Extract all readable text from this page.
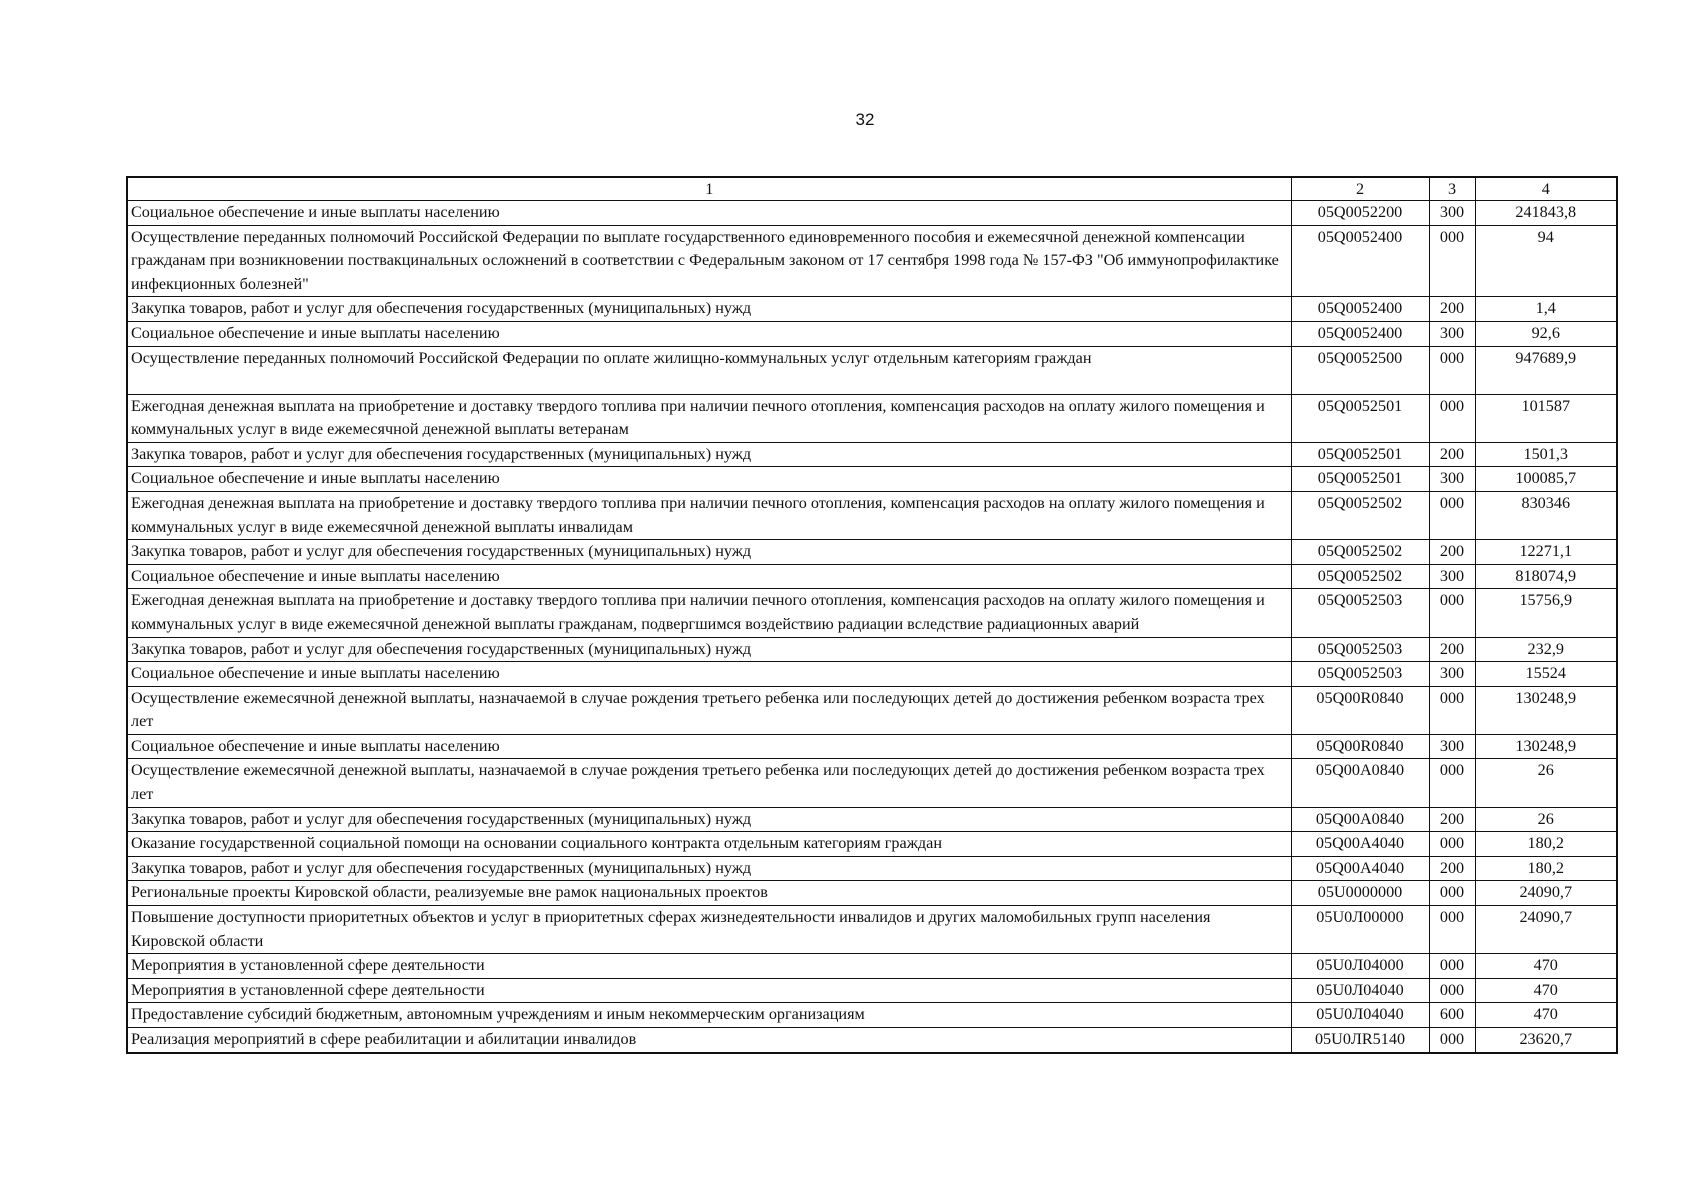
32
1	2	3	4
Социальное обеспечение и иные выплаты населению	05Q0052200	300	241843,8
Осуществление переданных полномочий Российской Федерации по выплате государственного единовременного пособия и ежемесячной денежной компенсации гражданам при возникновении поствакцинальных осложнений в соответствии с Федеральным законом от 17 сентября 1998 года № 157-ФЗ "Об иммунопрофилактике инфекционных болезней"	05Q0052400	000	94
Закупка товаров, работ и услуг для обеспечения государственных (муниципальных) нужд	05Q0052400	200	1,4
Социальное обеспечение и иные выплаты населению	05Q0052400	300	92,6
Осуществление переданных полномочий Российской Федерации по оплате жилищно-коммунальных услуг отдельным категориям граждан	05Q0052500	000	947689,9
Ежегодная денежная выплата на приобретение и доставку твердого топлива при наличии печного отопления, компенсация расходов на оплату жилого помещения и коммунальных услуг в виде ежемесячной денежной выплаты ветеранам	05Q0052501	000	101587
Закупка товаров, работ и услуг для обеспечения государственных (муниципальных) нужд	05Q0052501	200	1501,3
Социальное обеспечение и иные выплаты населению	05Q0052501	300	100085,7
Ежегодная денежная выплата на приобретение и доставку твердого топлива при наличии печного отопления, компенсация расходов на оплату жилого помещения и коммунальных услуг в виде ежемесячной денежной выплаты инвалидам	05Q0052502	000	830346
Закупка товаров, работ и услуг для обеспечения государственных (муниципальных) нужд	05Q0052502	200	12271,1
Социальное обеспечение и иные выплаты населению	05Q0052502	300	818074,9
Ежегодная денежная выплата на приобретение и доставку твердого топлива при наличии печного отопления, компенсация расходов на оплату жилого помещения и коммунальных услуг в виде ежемесячной денежной выплаты гражданам, подвергшимся воздействию радиации вследствие радиационных аварий	05Q0052503	000	15756,9
Закупка товаров, работ и услуг для обеспечения государственных (муниципальных) нужд	05Q0052503	200	232,9
Социальное обеспечение и иные выплаты населению	05Q0052503	300	15524
Осуществление ежемесячной денежной выплаты, назначаемой в случае рождения третьего ребенка или последующих детей до достижения ребенком возраста трех лет	05Q00R0840	000	130248,9
Социальное обеспечение и иные выплаты населению	05Q00R0840	300	130248,9
Осуществление ежемесячной денежной выплаты, назначаемой в случае рождения третьего ребенка или последующих детей до достижения ребенком возраста трех лет	05Q00A0840	000	26
Закупка товаров, работ и услуг для обеспечения государственных (муниципальных) нужд	05Q00A0840	200	26
Оказание государственной социальной помощи на основании социального контракта отдельным категориям граждан	05Q00A4040	000	180,2
Закупка товаров, работ и услуг для обеспечения государственных (муниципальных) нужд	05Q00A4040	200	180,2
Региональные проекты Кировской области, реализуемые вне рамок национальных проектов	05U0000000	000	24090,7
Повышение доступности приоритетных объектов и услуг в приоритетных сферах жизнедеятельности инвалидов и других маломобильных групп населения Кировской области	05U0Л00000	000	24090,7
Мероприятия в установленной сфере деятельности	05U0Л04000	000	470
Мероприятия в установленной сфере деятельности	05U0Л04040	000	470
Предоставление субсидий бюджетным, автономным учреждениям и иным некоммерческим организациям	05U0Л04040	600	470
Реализация мероприятий в сфере реабилитации и абилитации инвалидов	05U0ЛR5140	000	23620,7
